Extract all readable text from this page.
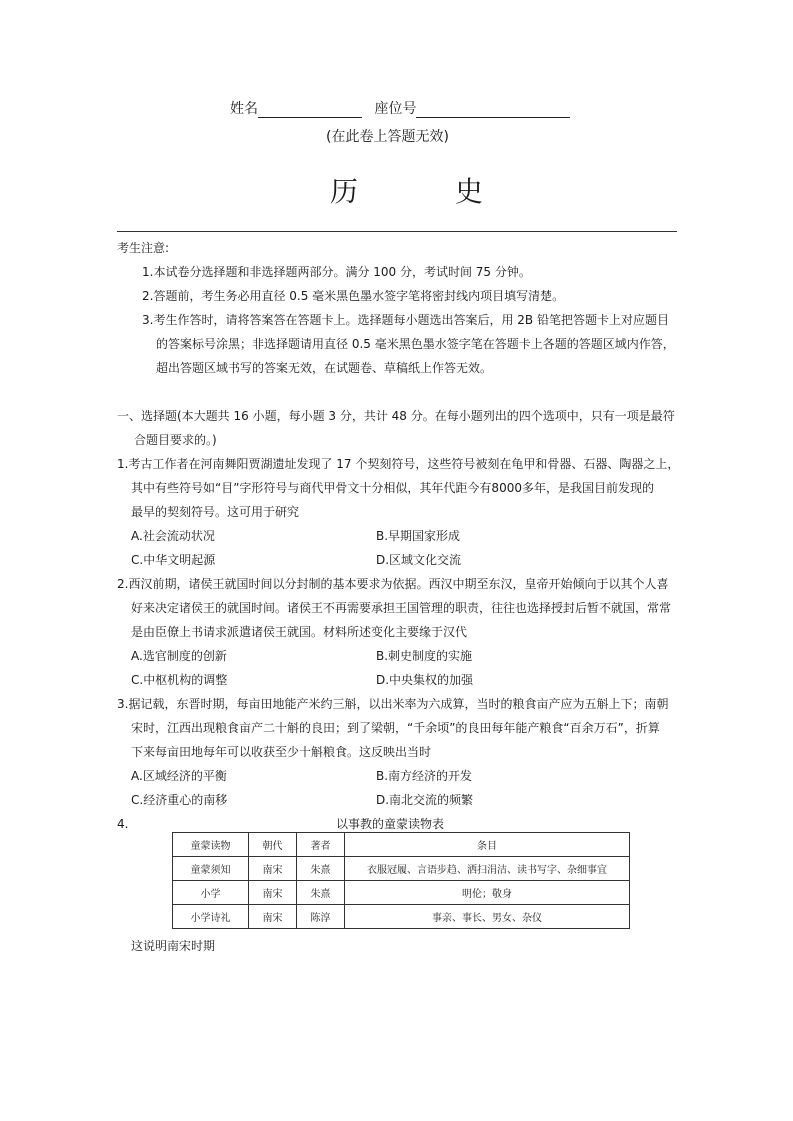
姓名	座位号
(在此卷上答题无效)
历 史
考生注意:
1.本试卷分选择题和非选择题两部分。满分 100 分，考试时间 75 分钟。
2.答题前，考生务必用直径 0.5 毫米黑色墨水签字笔将密封线内项目填写清楚。
3.考生作答时，请将答案答在答题卡上。选择题每小题选出答案后，用 2B 铅笔把答题卡上对应题目
的答案标号涂黑；非选择题请用直径 0.5 毫米黑色墨水签字笔在答题卡上各题的答题区域内作答，
超出答题区域书写的答案无效，在试题卷、草稿纸上作答无效。
一、选择题(本大题共 16 小题，每小题 3 分，共计 48 分。在每小题列出的四个选项中，只有一项是最符
合题目要求的。)
1.考古工作者在河南舞阳贾湖遗址发现了 17 个契刻符号，这些符号被刻在龟甲和骨器、石器、陶器之上，
其中有些符号如“目”字形符号与商代甲骨文十分相似，其年代距今有8000多年，是我国目前发现的
最早的契刻符号。这可用于研究
A.社会流动状况	B.早期国家形成
C.中华文明起源	D.区域文化交流
2.西汉前期，诸侯王就国时间以分封制的基本要求为依据。西汉中期至东汉，皇帝开始倾向于以其个人喜
好来决定诸侯王的就国时间。诸侯王不再需要承担王国管理的职责，往往也选择授封后暂不就国，常常
是由臣僚上书请求派遣诸侯王就国。材料所述变化主要缘于汉代
A.选官制度的创新	B.刺史制度的实施
C.中枢机构的调整	D.中央集权的加强
3.据记载，东晋时期，每亩田地能产米约三斛，以出米率为六成算，当时的粮食亩产应为五斛上下；南朝
宋时，江西出现粮食亩产二十斛的良田；到了梁朝，“千余顷”的良田每年能产粮食“百余万石”，折算
下来每亩田地每年可以收获至少十斛粮食。这反映出当时
A.区域经济的平衡	B.南方经济的开发
C.经济重心的南移	D.南北交流的频繁
4.	以事教的童蒙读物表
童蒙读物	朝代	著者	条目
童蒙须知	南宋	朱熹	衣服冠履、言语步趋、洒扫涓洁、读书写字、杂细事宜
小学	南宋	朱熹	明伦；敬身
小学诗礼	南宋	陈淳	事亲、事长、男女、杂仪
这说明南宋时期
